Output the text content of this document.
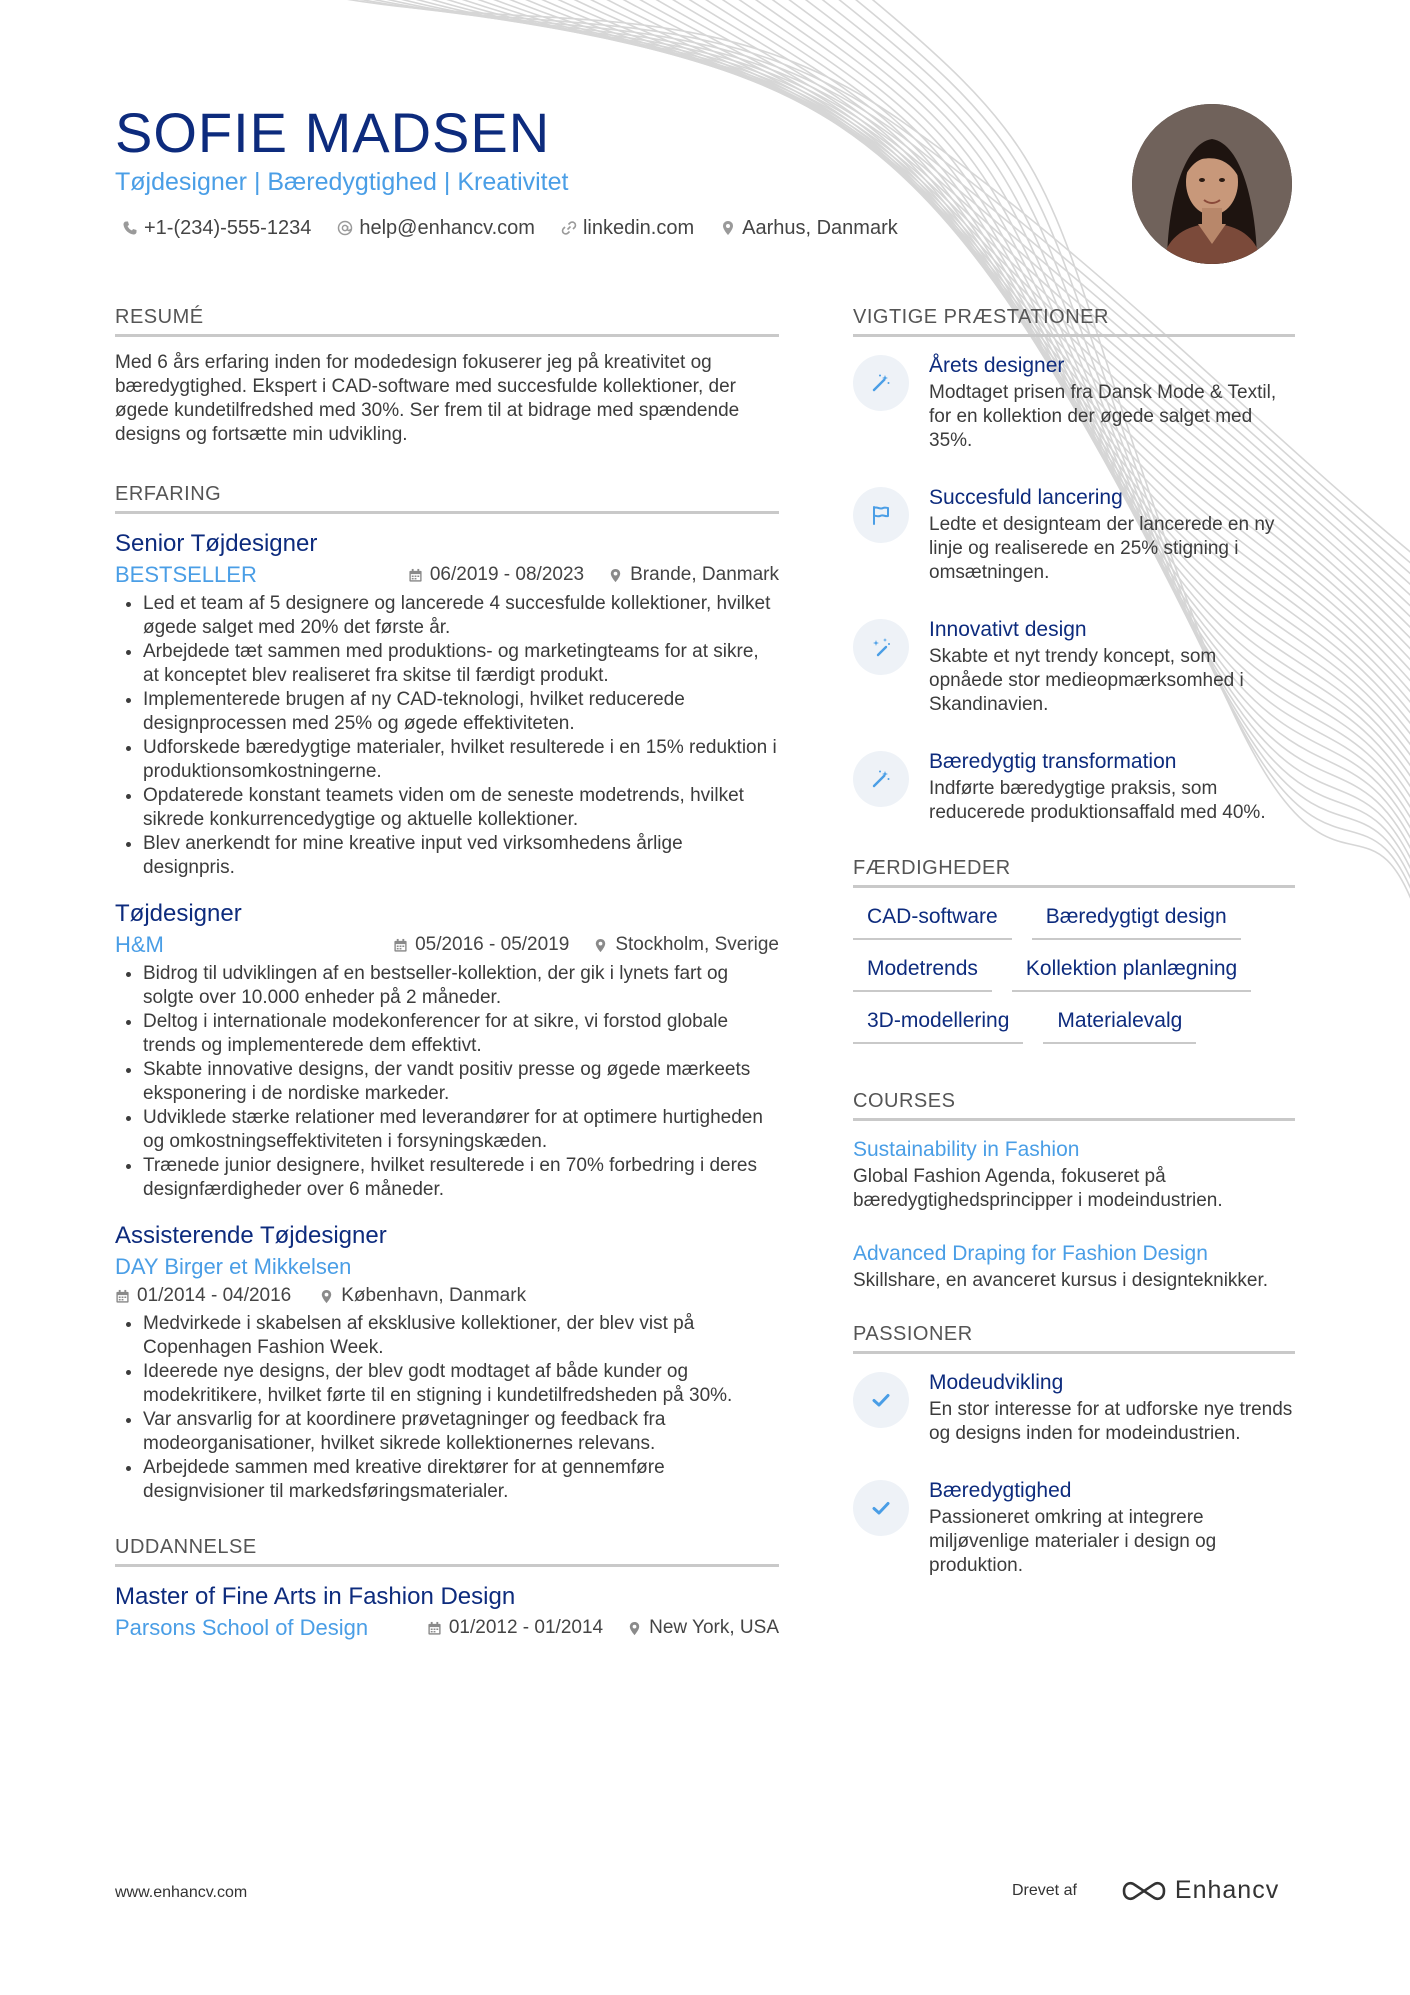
SOFIE MADSEN
Tøjdesigner | Bæredygtighed | Kreativitet
+1-(234)-555-1234 help@enhancv.com linkedin.com Aarhus, Danmark
RESUMÉ
Med 6 års erfaring inden for modedesign fokuserer jeg på kreativitet og bæredygtighed. Ekspert i CAD-software med succesfulde kollektioner, der øgede kundetilfredshed med 30%. Ser frem til at bidrage med spændende designs og fortsætte min udvikling.
ERFARING
Senior Tøjdesigner
BESTSELLER	06/2019 - 08/2023 Brande, Danmark
• Led et team af 5 designere og lancerede 4 succesfulde kollektioner, hvilket øgede salget med 20% det første år.
• Arbejdede tæt sammen med produktions- og marketingteams for at sikre, at konceptet blev realiseret fra skitse til færdigt produkt.
• Implementerede brugen af ny CAD-teknologi, hvilket reducerede designprocessen med 25% og øgede effektiviteten.
• Udforskede bæredygtige materialer, hvilket resulterede i en 15% reduktion i produktionsomkostningerne.
• Opdaterede konstant teamets viden om de seneste modetrends, hvilket sikrede konkurrencedygtige og aktuelle kollektioner.
• Blev anerkendt for mine kreative input ved virksomhedens årlige designpris.
Tøjdesigner
H&M	05/2016 - 05/2019 Stockholm, Sverige
• Bidrog til udviklingen af en bestseller-kollektion, der gik i lynets fart og solgte over 10.000 enheder på 2 måneder.
• Deltog i internationale modekonferencer for at sikre, vi forstod globale trends og implementerede dem effektivt.
• Skabte innovative designs, der vandt positiv presse og øgede mærkeets eksponering i de nordiske markeder.
• Udviklede stærke relationer med leverandører for at optimere hurtigheden og omkostningseffektiviteten i forsyningskæden.
• Trænede junior designere, hvilket resulterede i en 70% forbedring i deres designfærdigheder over 6 måneder.
Assisterende Tøjdesigner
DAY Birger et Mikkelsen
01/2014 - 04/2016	København, Danmark
• Medvirkede i skabelsen af eksklusive kollektioner, der blev vist på Copenhagen Fashion Week.
• Ideerede nye designs, der blev godt modtaget af både kunder og modekritikere, hvilket førte til en stigning i kundetilfredsheden på 30%.
• Var ansvarlig for at koordinere prøvetagninger og feedback fra modeorganisationer, hvilket sikrede kollektionernes relevans.
• Arbejdede sammen med kreative direktører for at gennemføre designvisioner til markedsføringsmaterialer.
UDDANNELSE
Master of Fine Arts in Fashion Design
Parsons School of Design	01/2012 - 01/2014 New York, USA
VIGTIGE PRÆSTATIONER
Årets designer
Modtaget prisen fra Dansk Mode & Textil, for en kollektion der øgede salget med 35%.
Succesfuld lancering
Ledte et designteam der lancerede en ny linje og realiserede en 25% stigning i omsætningen.
Innovativt design
Skabte et nyt trendy koncept, som opnåede stor medieopmærksomhed i Skandinavien.
Bæredygtig transformation
Indførte bæredygtige praksis, som reducerede produktionsaffald med 40%.
FÆRDIGHEDER
CAD-software	Bæredygtigt design
Modetrends	Kollektion planlægning
3D-modellering	Materialevalg
COURSES
Sustainability in Fashion
Global Fashion Agenda, fokuseret på bæredygtighedsprincipper i modeindustrien.
Advanced Draping for Fashion Design
Skillshare, en avanceret kursus i designteknikker.
PASSIONER
Modeudvikling
En stor interesse for at udforske nye trends og designs inden for modeindustrien.
Bæredygtighed
Passioneret omkring at integrere miljøvenlige materialer i design og produktion.
www.enhancv.com	Drevet af	Enhancv
